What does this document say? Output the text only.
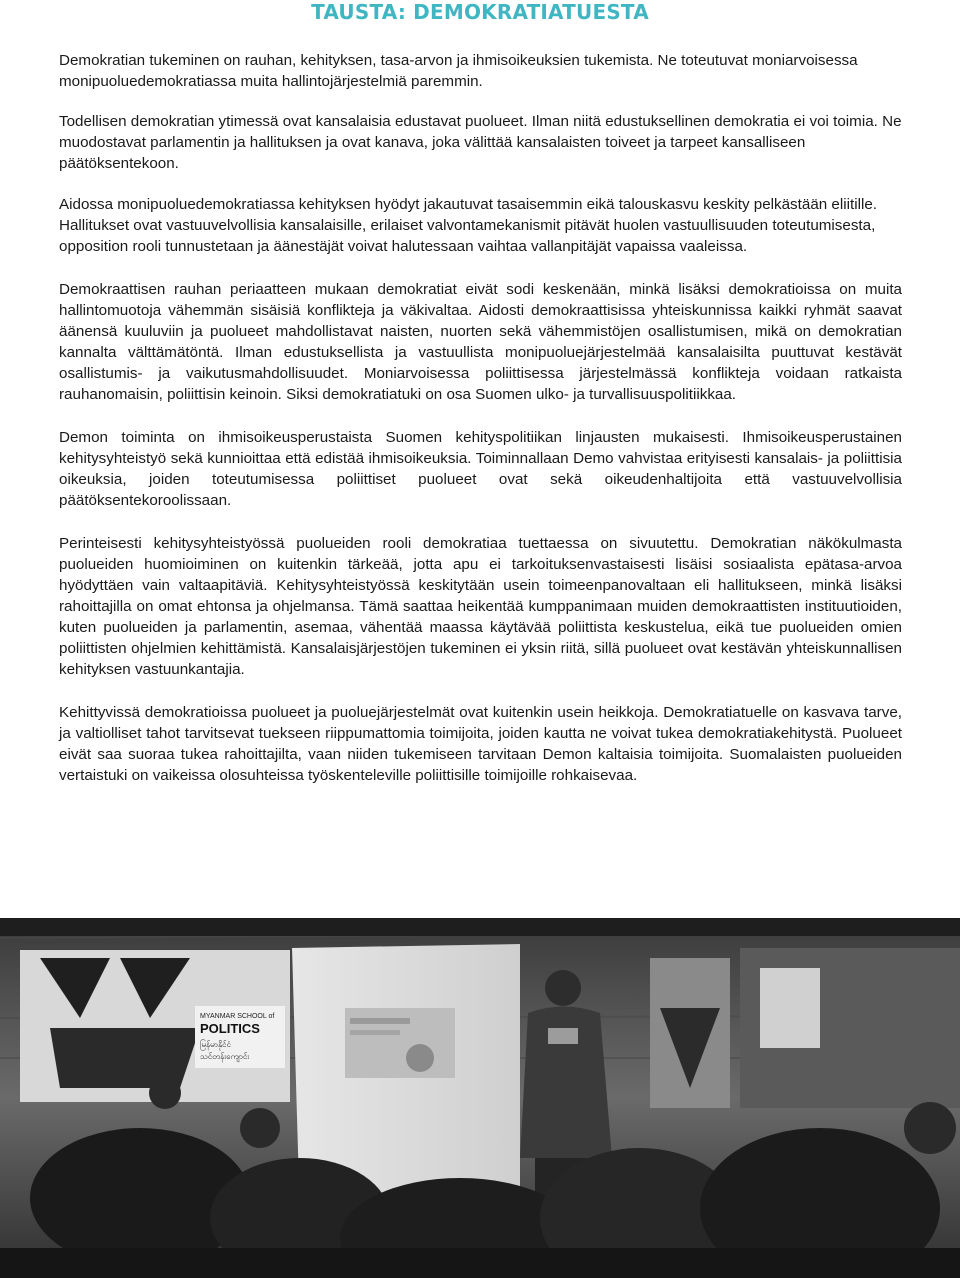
TAUSTA: DEMOKRATIATUESTA

Demokratian tukeminen on rauhan, kehityksen, tasa-arvon ja ihmisoikeuksien tukemista. Ne toteutuvat moniarvoisessa monipuoluedemokratiassa muita hallintojärjestelmiä paremmin.

Todellisen demokratian ytimessä ovat kansalaisia edustavat puolueet. Ilman niitä edustuksellinen demokratia ei voi toimia. Ne muodostavat parlamentin ja hallituksen ja ovat kanava, joka välittää kansalaisten toiveet ja tarpeet kansalliseen päätöksentekoon.

Aidossa monipuoluedemokratiassa kehityksen hyödyt jakautuvat tasaisemmin eikä talouskasvu keskity pelkästään eliitille. Hallitukset ovat vastuuvelvollisia kansalaisille, erilaiset valvontamekanismit pitävät huolen vastuullisuuden toteutumisesta, opposition rooli tunnustetaan ja äänestäjät voivat halutessaan vaihtaa vallanpitäjät vapaissa vaaleissa.

Demokraattisen rauhan periaatteen mukaan demokratiat eivät sodi keskenään, minkä lisäksi demokratioissa on muita hallintomuotoja vähemmän sisäisiä konflikteja ja väkivaltaa. Aidosti demokraattisissa yhteiskunnissa kaikki ryhmät saavat äänensä kuuluviin ja puolueet mahdollistavat naisten, nuorten sekä vähemmistöjen osallistumisen, mikä on demokratian kannalta välttämätöntä. Ilman edustuksellista ja vastuullista monipuoluejärjestelmää kansalaisilta puuttuvat kestävät osallistumis- ja vaikutusmahdollisuudet. Moniarvoisessa poliittisessa järjestelmässä konflikteja voidaan ratkaista rauhanomaisin, poliittisin keinoin. Siksi demokratiatuki on osa Suomen ulko- ja turvallisuuspolitiikkaa.

Demon toiminta on ihmisoikeusperustaista Suomen kehityspolitiikan linjausten mukaisesti. Ihmisoikeusperustainen kehitysyhteistyö sekä kunnioittaa että edistää ihmisoikeuksia. Toiminnallaan Demo vahvistaa erityisesti kansalais- ja poliittisia oikeuksia, joiden toteutumisessa poliittiset puolueet ovat sekä oikeudenhaltijoita että vastuuvelvollisia päätöksentekoroolissaan.

Perinteisesti kehitysyhteistyössä puolueiden rooli demokratiaa tuettaessa on sivuutettu. Demokratian näkökulmasta puolueiden huomioiminen on kuitenkin tärkeää, jotta apu ei tarkoituksenvastaisesti lisäisi sosiaalista epätasa-arvoa hyödyttäen vain valtaapitäviä. Kehitysyhteistyössä keskitytään usein toimeenpanovaltaan eli hallitukseen, minkä lisäksi rahoittajilla on omat ehtonsa ja ohjelmansa. Tämä saattaa heikentää kumppanimaan muiden demokraattisten instituutioiden, kuten puolueiden ja parlamentin, asemaa, vähentää maassa käytävää poliittista keskustelua, eikä tue puolueiden omien poliittisten ohjelmien kehittämistä. Kansalaisjärjestöjen tukeminen ei yksin riitä, sillä puolueet ovat kestävän yhteiskunnallisen kehityksen vastuunkantajia.

Kehittyvissä demokratioissa puolueet ja puoluejärjestelmät ovat kuitenkin usein heikkoja. Demokratiatuelle on kasvava tarve, ja valtiolliset tahot tarvitsevat tuekseen riippumattomia toimijoita, joiden kautta ne voivat tukea demokratiakehitystä. Puolueet eivät saa suoraa tukea rahoittajilta, vaan niiden tukemiseen tarvitaan Demon kaltaisia toimijoita. Suomalaisten puolueiden vertaistuki on vaikeissa olosuhteissa työskenteleville poliittisille toimijoille rohkaisevaa.

MYANMAR SCHOOL of
POLITICS
မြန်မာနိုင်ငံ
သင်တန်းကျောင်း
